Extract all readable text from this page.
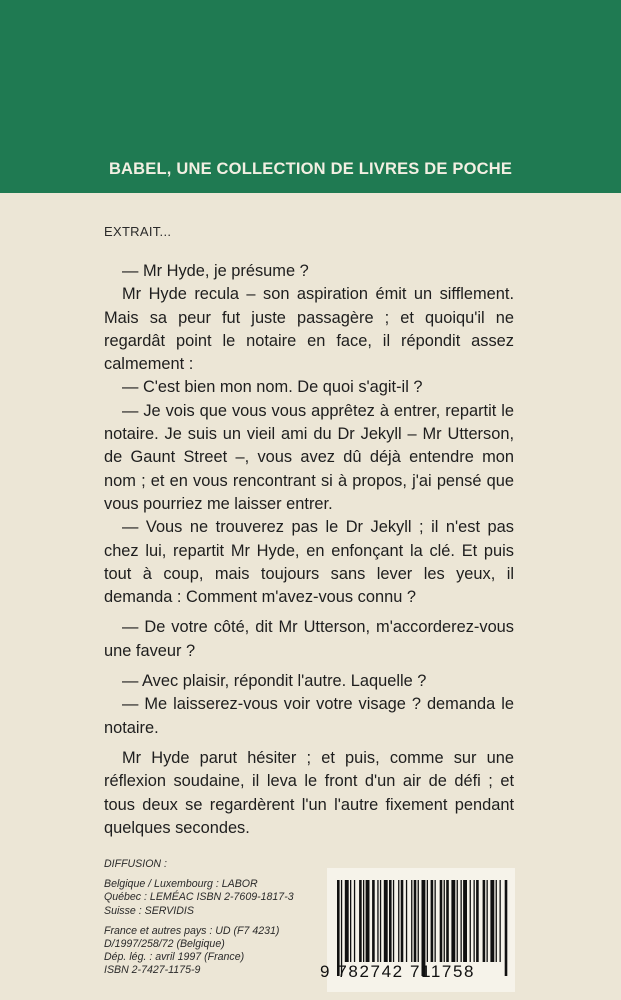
BABEL, UNE COLLECTION DE LIVRES DE POCHE
EXTRAIT...

— Mr Hyde, je présume ?

Mr Hyde recula – son aspiration émit un sifflement. Mais sa peur fut juste passagère ; et quoiqu'il ne regardât point le notaire en face, il répondit assez calmement :

— C'est bien mon nom. De quoi s'agit-il ?

— Je vois que vous vous apprêtez à entrer, repartit le notaire. Je suis un vieil ami du Dr Jekyll – Mr Utterson, de Gaunt Street –, vous avez dû déjà entendre mon nom ; et en vous rencontrant si à propos, j'ai pensé que vous pourriez me laisser entrer.

— Vous ne trouverez pas le Dr Jekyll ; il n'est pas chez lui, repartit Mr Hyde, en enfonçant la clé. Et puis tout à coup, mais toujours sans lever les yeux, il demanda : Comment m'avez-vous connu ?

— De votre côté, dit Mr Utterson, m'accorderez-vous une faveur ?

— Avec plaisir, répondit l'autre. Laquelle ?

— Me laisserez-vous voir votre visage ? demanda le notaire.

Mr Hyde parut hésiter ; et puis, comme sur une réflexion soudaine, il leva le front d'un air de défi ; et tous deux se regardèrent l'un l'autre fixement pendant quelques secondes.

DIFFUSION :
Belgique / Luxembourg : LABOR
Québec : LEMÉAC ISBN 2-7609-1817-3
Suisse : SERVIDIS
France et autres pays : UD (F7 4231)
D/1997/258/72 (Belgique)
Dép. lég. : avril 1997 (France)
ISBN 2-7427-1175-9	9 782742 711758
